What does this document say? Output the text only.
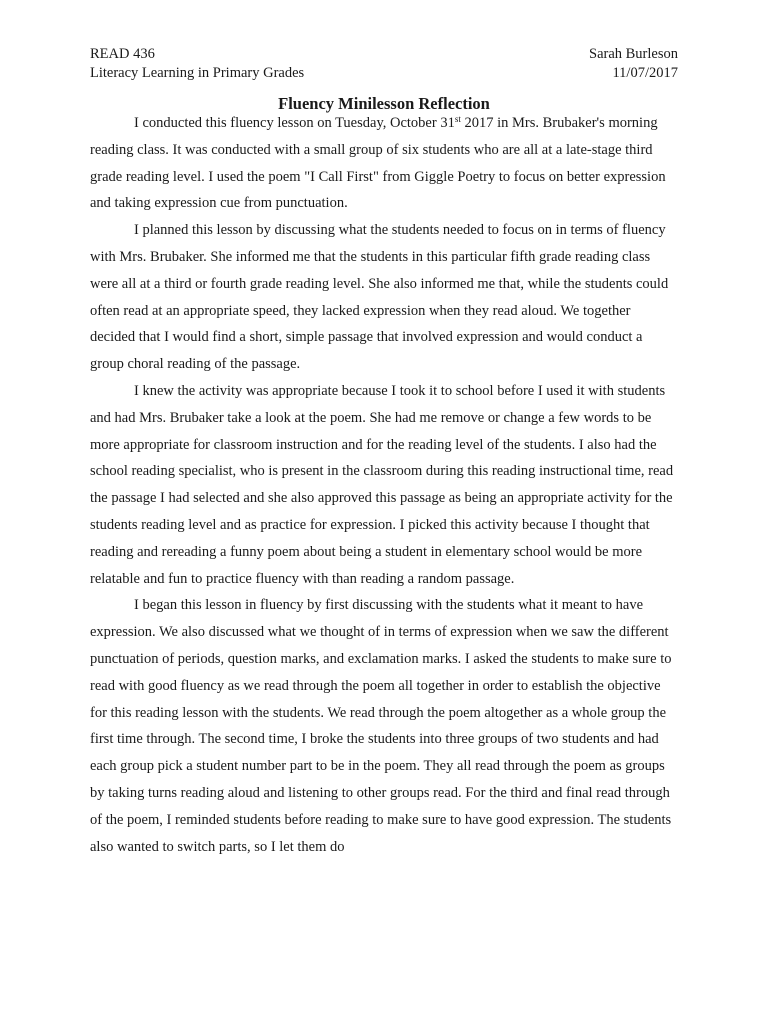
READ 436	Sarah Burleson
Literacy Learning in Primary Grades	11/07/2017
Fluency Minilesson Reflection

I conducted this fluency lesson on Tuesday, October 31st 2017 in Mrs. Brubaker's morning reading class. It was conducted with a small group of six students who are all at a late-stage third grade reading level. I used the poem "I Call First" from Giggle Poetry to focus on better expression and taking expression cue from punctuation.

I planned this lesson by discussing what the students needed to focus on in terms of fluency with Mrs. Brubaker. She informed me that the students in this particular fifth grade reading class were all at a third or fourth grade reading level. She also informed me that, while the students could often read at an appropriate speed, they lacked expression when they read aloud. We together decided that I would find a short, simple passage that involved expression and would conduct a group choral reading of the passage.

I knew the activity was appropriate because I took it to school before I used it with students and had Mrs. Brubaker take a look at the poem. She had me remove or change a few words to be more appropriate for classroom instruction and for the reading level of the students. I also had the school reading specialist, who is present in the classroom during this reading instructional time, read the passage I had selected and she also approved this passage as being an appropriate activity for the students reading level and as practice for expression. I picked this activity because I thought that reading and rereading a funny poem about being a student in elementary school would be more relatable and fun to practice fluency with than reading a random passage.

I began this lesson in fluency by first discussing with the students what it meant to have expression. We also discussed what we thought of in terms of expression when we saw the different punctuation of periods, question marks, and exclamation marks. I asked the students to make sure to read with good fluency as we read through the poem all together in order to establish the objective for this reading lesson with the students. We read through the poem altogether as a whole group the first time through. The second time, I broke the students into three groups of two students and had each group pick a student number part to be in the poem. They all read through the poem as groups by taking turns reading aloud and listening to other groups read. For the third and final read through of the poem, I reminded students before reading to make sure to have good expression. The students also wanted to switch parts, so I let them do
